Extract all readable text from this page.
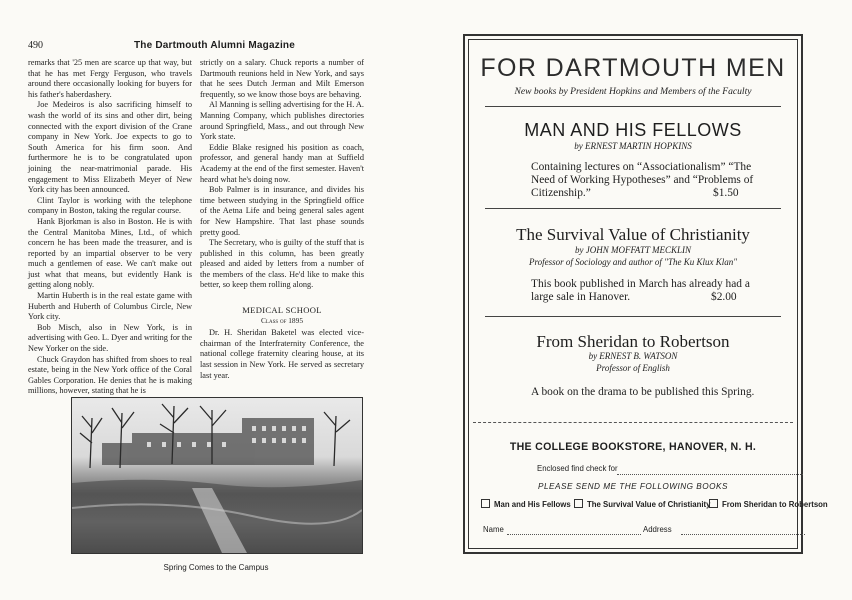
490	The Dartmouth Alumni Magazine

remarks that '25 men are scarce up that way, but that he has met Fergy Ferguson, who travels around there occasionally looking for buyers for his father's haberdashery.

Joe Medeiros is also sacrificing himself to wash the world of its sins and other dirt, being connected with the export division of the Crane company in New York. Joe expects to go to South America for his firm soon. And furthermore he is to be congratulated upon joining the near-matrimonial parade. His engagement to Miss Elizabeth Meyer of New York city has been announced.

Clint Taylor is working with the telephone company in Boston, taking the regular course.

Hank Bjorkman is also in Boston. He is with the Central Manitoba Mines, Ltd., of which concern he has been made the treasurer, and is reported by an impartial observer to be very much a gentlemen of ease. We can't make out just what that means, but evidently Hank is getting along nobly.

Martin Huberth is in the real estate game with Huberth and Huberth of Columbus Circle, New York city.

Bob Misch, also in New York, is in advertising with Geo. L. Dyer and writing for the New Yorker on the side.

Chuck Graydon has shifted from shoes to real estate, being in the New York office of the Coral Gables Corporation. He denies that he is making millions, however, stating that he is

strictly on a salary. Chuck reports a number of Dartmouth reunions held in New York, and says that he sees Dutch Jerman and Milt Emerson frequently, so we know those boys are behaving.

Al Manning is selling advertising for the H. A. Manning Company, which publishes directories around Springfield, Mass., and out through New York state.

Eddie Blake resigned his position as coach, professor, and general handy man at Suffield Academy at the end of the first semester. Haven't heard what he's doing now.

Bob Palmer is in insurance, and divides his time between studying in the Springfield office of the Aetna Life and being general sales agent for New Hampshire. That last phase sounds pretty good.

The Secretary, who is guilty of the stuff that is published in this column, has been greatly pleased and aided by letters from a number of the members of the class. He'd like to make this better, so keep them rolling along.

MEDICAL SCHOOL
Class of 1895

Dr. H. Sheridan Baketel was elected vice-chairman of the Interfraternity Conference, the national college fraternity clearing house, at its last session in New York. He served as secretary last year.

Spring Comes to the Campus
FOR DARTMOUTH MEN
New books by President Hopkins and Members of the Faculty
MAN AND HIS FELLOWS
by ERNEST MARTIN HOPKINS
Containing lectures on “Associationalism” “The Need of Working Hypotheses” and “Problems of Citizenship.”	$1.50
The Survival Value of Christianity
by JOHN MOFFATT MECKLIN
Professor of Sociology and author of "The Ku Klux Klan"
This book published in March has already had a large sale in Hanover.	$2.00
From Sheridan to Robertson
by ERNEST B. WATSON
Professor of English
A book on the drama to be published this Spring.
THE COLLEGE BOOKSTORE, HANOVER, N. H.
Enclosed find check for
PLEASE SEND ME THE FOLLOWING BOOKS
Man and His Fellows	The Survival Value of Christianity	From Sheridan to Robertson
Name	Address
